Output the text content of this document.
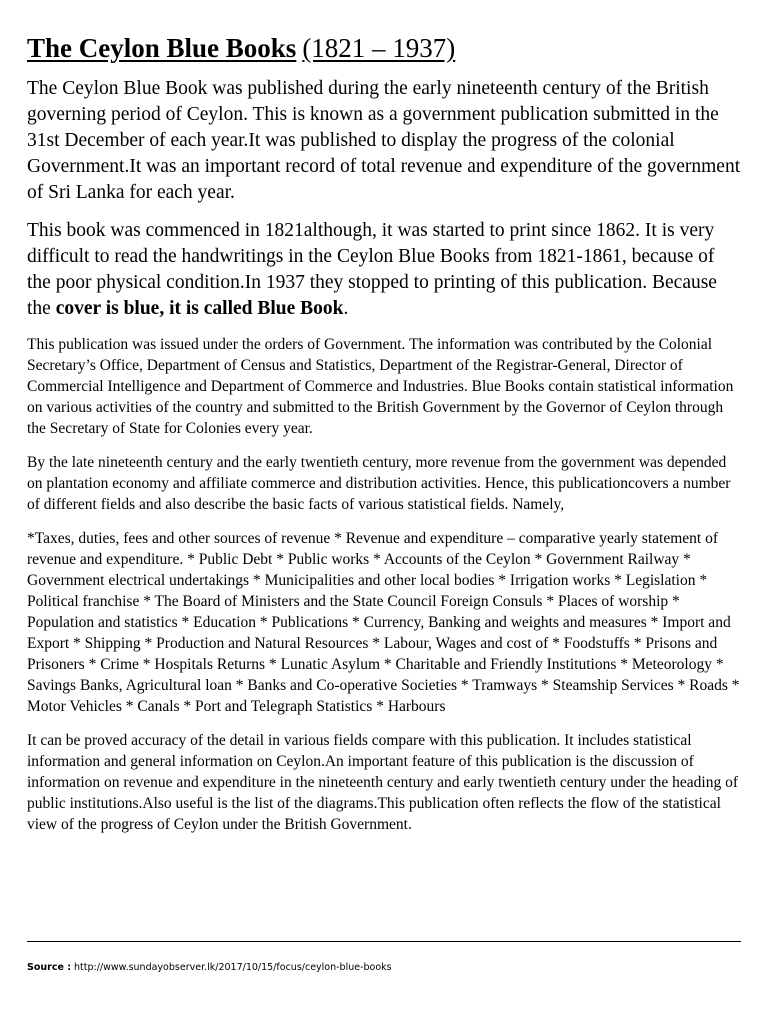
The Ceylon Blue Books (1821 – 1937)

The Ceylon Blue Book was published during the early nineteenth century of the British governing period of Ceylon. This is known as a government publication submitted in the 31st December of each year.It was published to display the progress of the colonial Government.It was an important record of total revenue and expenditure of the government of Sri Lanka for each year.

This book was commenced in 1821although, it was started to print since 1862. It is very difficult to read the handwritings in the Ceylon Blue Books from 1821-1861, because of the poor physical condition.In 1937 they stopped to printing of this publication. Because the cover is blue, it is called Blue Book.

This publication was issued under the orders of Government. The information was contributed by the Colonial Secretary’s Office, Department of Census and Statistics, Department of the Registrar-General, Director of Commercial Intelligence and Department of Commerce and Industries. Blue Books contain statistical information on various activities of the country and submitted to the British Government by the Governor of Ceylon through the Secretary of State for Colonies every year.

By the late nineteenth century and the early twentieth century, more revenue from the government was depended on plantation economy and affiliate commerce and distribution activities. Hence, this publicationcovers a number of different fields and also describe the basic facts of various statistical fields. Namely,

*Taxes, duties, fees and other sources of revenue * Revenue and expenditure – comparative yearly statement of revenue and expenditure. * Public Debt * Public works * Accounts of the Ceylon * Government Railway * Government electrical undertakings * Municipalities and other local bodies * Irrigation works * Legislation * Political franchise * The Board of Ministers and the State Council Foreign Consuls * Places of worship * Population and statistics * Education * Publications * Currency, Banking and weights and measures * Import and Export * Shipping * Production and Natural Resources * Labour, Wages and cost of * Foodstuffs * Prisons and Prisoners * Crime * Hospitals Returns * Lunatic Asylum * Charitable and Friendly Institutions * Meteorology * Savings Banks, Agricultural loan * Banks and Co-operative Societies * Tramways * Steamship Services * Roads * Motor Vehicles * Canals * Port and Telegraph Statistics * Harbours

It can be proved accuracy of the detail in various fields compare with this publication. It includes statistical information and general information on Ceylon.An important feature of this publication is the discussion of information on revenue and expenditure in the nineteenth century and early twentieth century under the heading of public institutions.Also useful is the list of the diagrams.This publication often reflects the flow of the statistical view of the progress of Ceylon under the British Government.

Source : http://www.sundayobserver.lk/2017/10/15/focus/ceylon-blue-books
